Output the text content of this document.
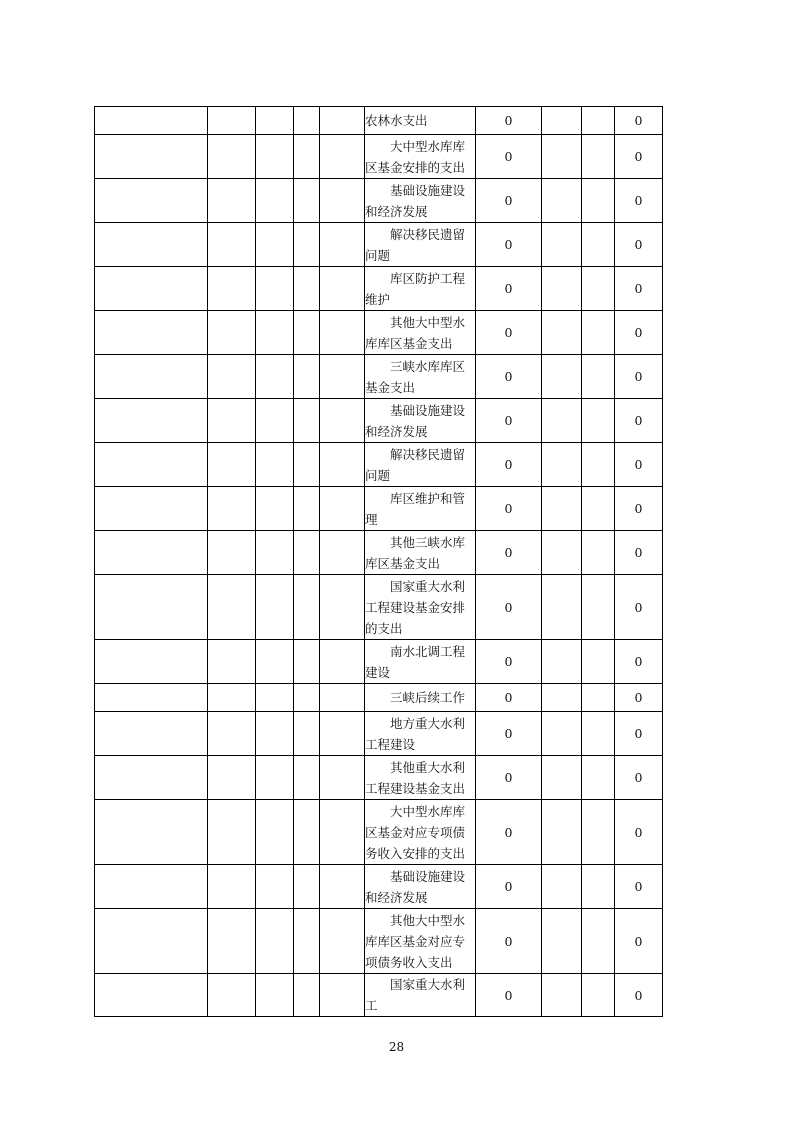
					农林水支出	0			0

					大中型水库库区基金安排的支出	0			0

					基础设施建设和经济发展	0			0

					解决移民遗留问题	0			0

					库区防护工程维护	0			0

					其他大中型水库库区基金支出	0			0

					三峡水库库区基金支出	0			0

					基础设施建设和经济发展	0			0

					解决移民遗留问题	0			0

					库区维护和管理	0			0

					其他三峡水库库区基金支出	0			0

					国家重大水利工程建设基金安排的支出	0			0

					南水北调工程建设	0			0

					三峡后续工作	0			0

					地方重大水利工程建设	0			0

					其他重大水利工程建设基金支出	0			0

					大中型水库库区基金对应专项债务收入安排的支出	0			0

					基础设施建设和经济发展	0			0

					其他大中型水库库区基金对应专项债务收入支出	0			0

					国家重大水利工	0			0
28
